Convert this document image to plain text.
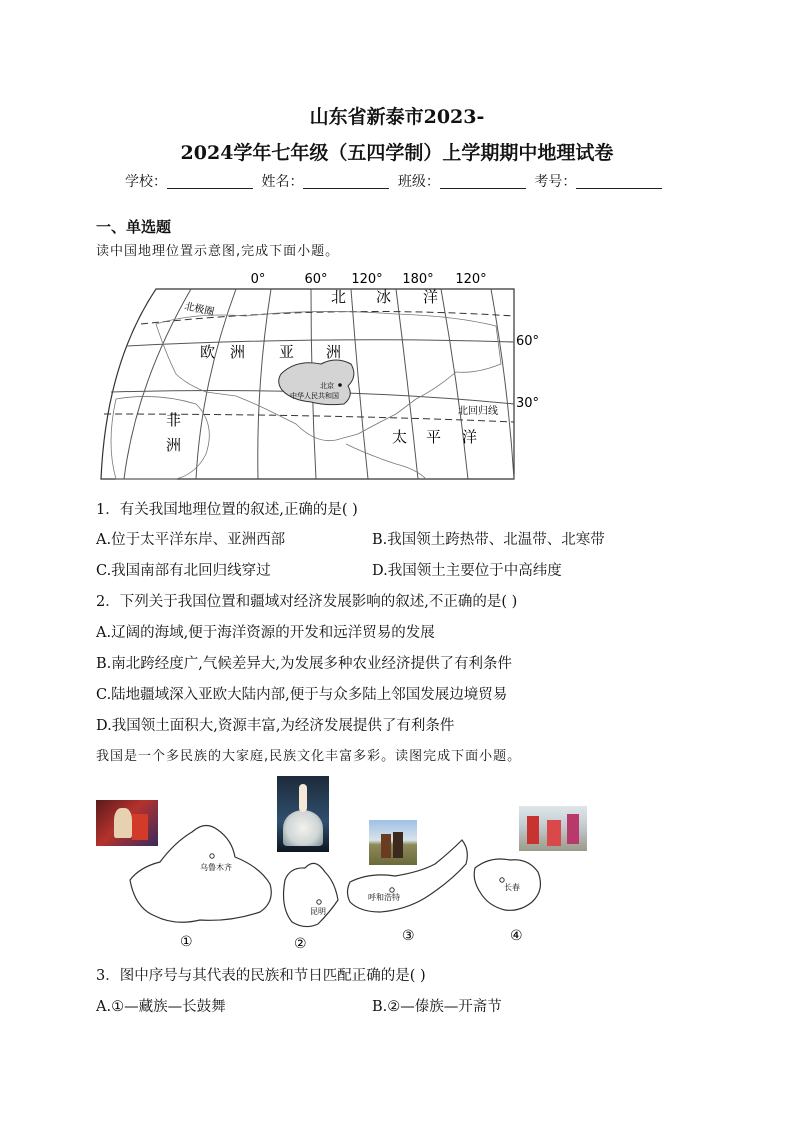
山东省新泰市2023-
2024学年七年级（五四学制）上学期期中地理试卷
学校：	姓名：	班级：	考号：
一、单选题
读中国地理位置示意图,完成下面小题。
0°	60° 120° 180° 120°
北京
中华人民共和国
北极圈
北 冰 洋
欧 洲 亚 洲
非
洲	太 平 洋
北回归线
60°
30°
1．有关我国地理位置的叙述,正确的是( )
A.位于太平洋东岸、亚洲西部	B.我国领土跨热带、北温带、北寒带
C.我国南部有北回归线穿过	D.我国领土主要位于中高纬度
2．下列关于我国位置和疆域对经济发展影响的叙述,不正确的是( )
A.辽阔的海域,便于海洋资源的开发和远洋贸易的发展
B.南北跨经度广,气候差异大,为发展多种农业经济提供了有利条件
C.陆地疆域深入亚欧大陆内部,便于与众多陆上邻国发展边境贸易
D.我国领土面积大,资源丰富,为经济发展提供了有利条件
我国是一个多民族的大家庭,民族文化丰富多彩。读图完成下面小题。
乌鲁木齐
①
昆明
②
呼和浩特
③
长春
④
3．图中序号与其代表的民族和节日匹配正确的是( )
A.①—藏族—长鼓舞	B.②—傣族—开斋节
